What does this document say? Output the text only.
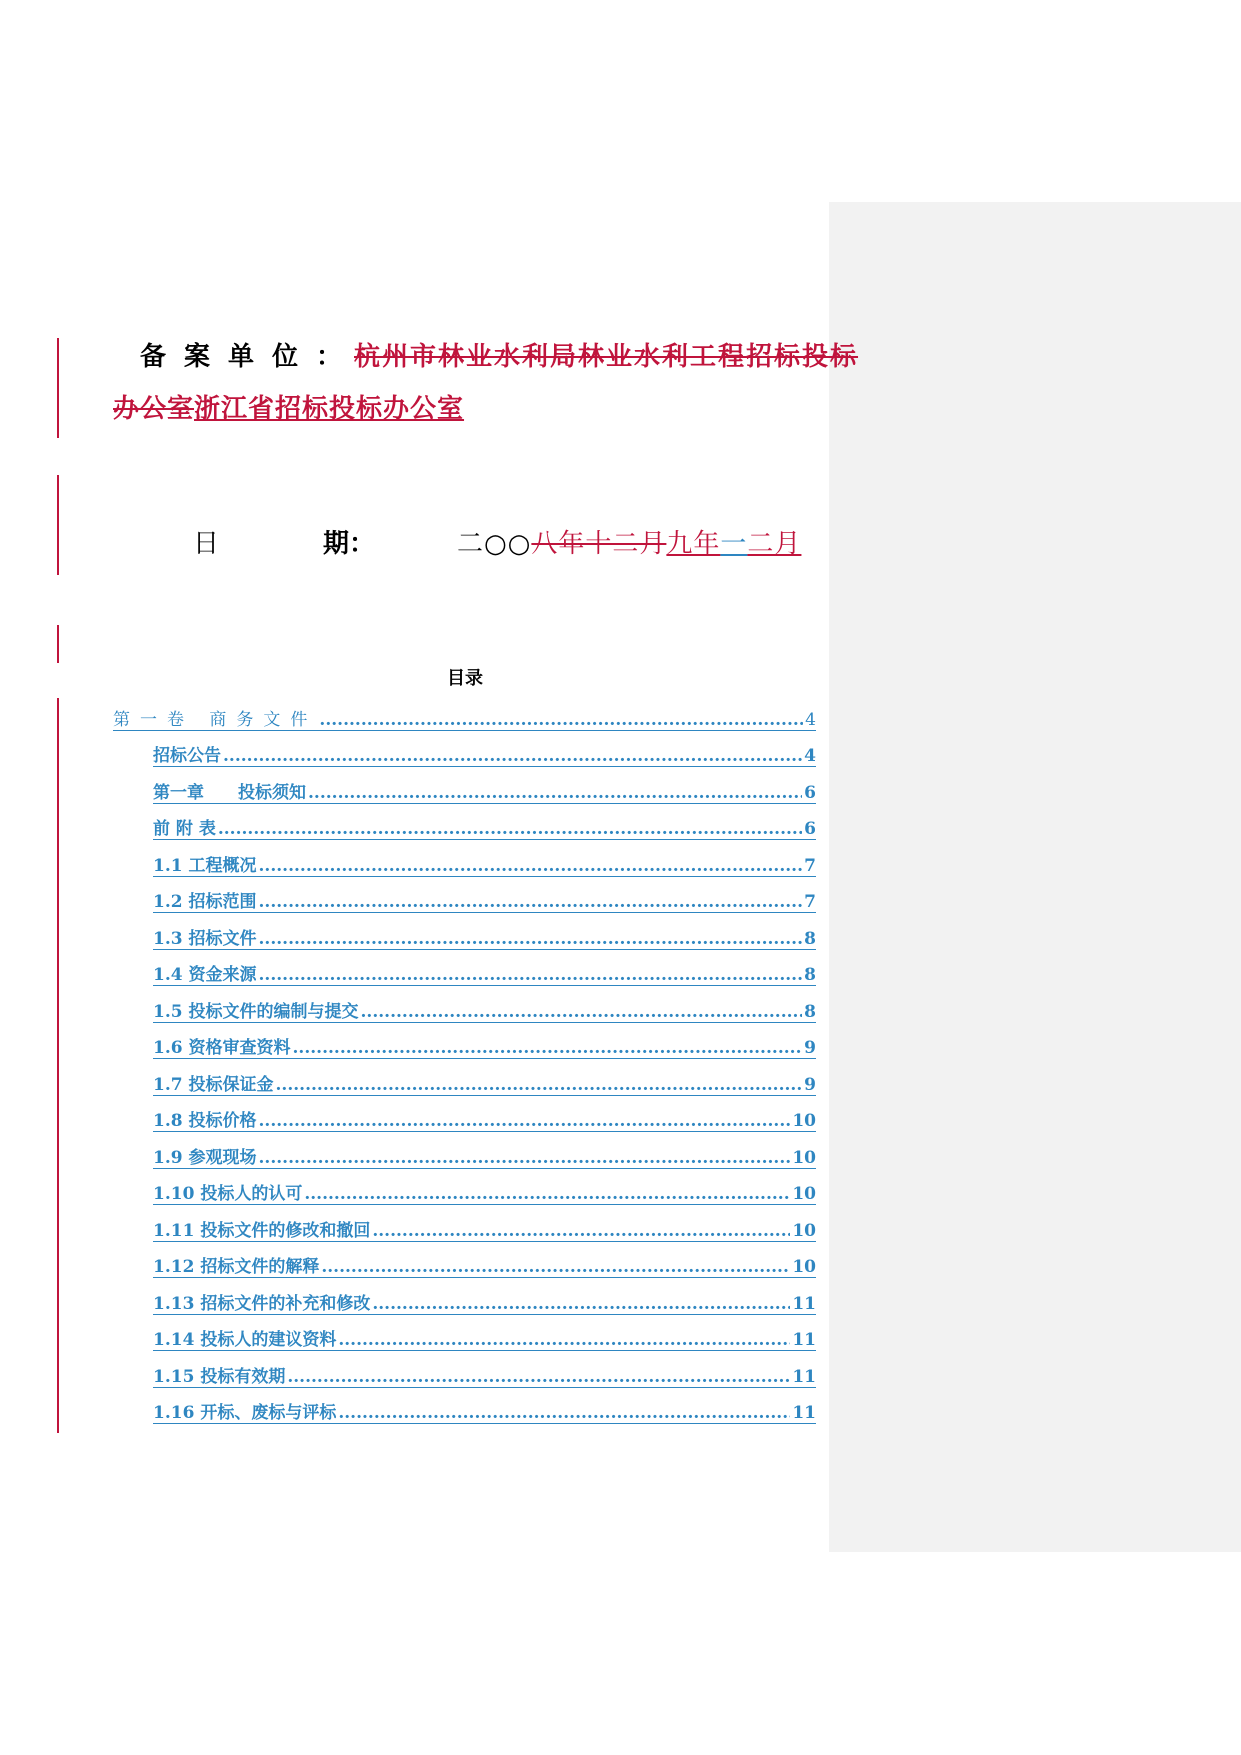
备案单位：杭州市林业水利局林业水利工程招标投标
办公室浙江省招标投标办公室
日	期：	二○○八年十二月九年一二月
目录
第一卷 商务文件 .....	4
招标公告 .....	4
第一章　　投标须知 .....	6
前 附 表 .....	6
1.1 工程概况 .....	7
1.2 招标范围 .....	7
1.3 招标文件 .....	8
1.4 资金来源 .....	8
1.5 投标文件的编制与提交 .....	8
1.6 资格审查资料 .....	9
1.7 投标保证金 .....	9
1.8 投标价格 .....	10
1.9 参观现场 .....	10
1.10 投标人的认可 .....	10
1.11 投标文件的修改和撤回 .....	10
1.12 招标文件的解释 .....	10
1.13 招标文件的补充和修改 .....	11
1.14 投标人的建议资料 .....	11
1.15 投标有效期 .....	11
1.16 开标、废标与评标 .....	11
